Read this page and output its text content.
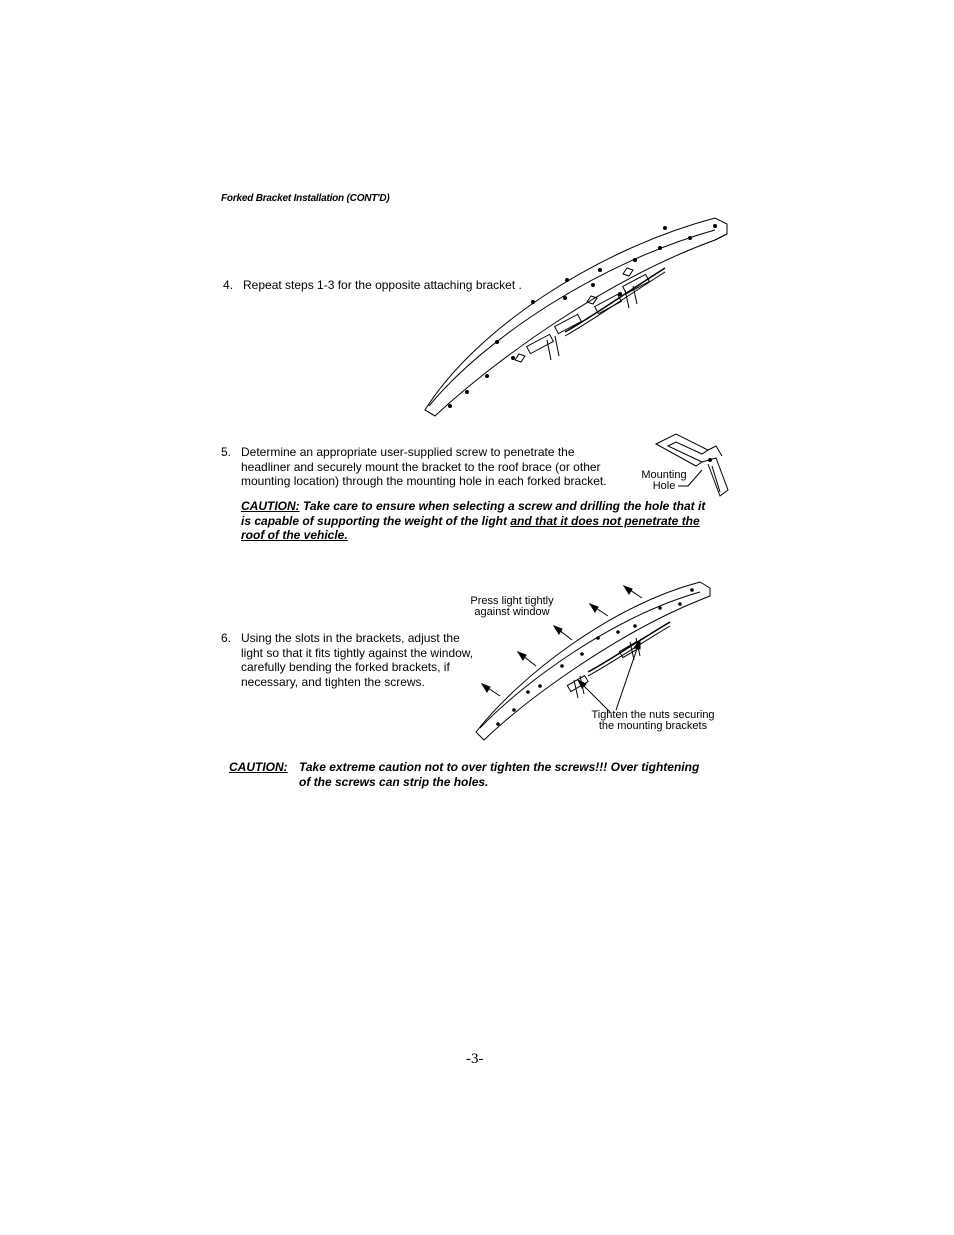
Forked Bracket Installation (CONT'D)
4. Repeat steps 1-3 for the opposite attaching bracket .
5. Determine an appropriate user-supplied screw to penetrate the
headliner and securely mount the bracket to the roof brace (or other
mounting location) through the mounting hole in each forked bracket.	Mounting
Hole
CAUTION: Take care to ensure when selecting a screw and drilling the hole that it
is capable of supporting the weight of the light and that it does not penetrate the
roof of the vehicle.
Press light tightly
against window
6. Using the slots in the brackets, adjust the
light so that it fits tightly against the window,
carefully bending the forked brackets, if
necessary, and tighten the screws.
Tighten the nuts securing
the mounting brackets
CAUTION: Take extreme caution not to over tighten the screws!!! Over tightening
of the screws can strip the holes.
-3-
